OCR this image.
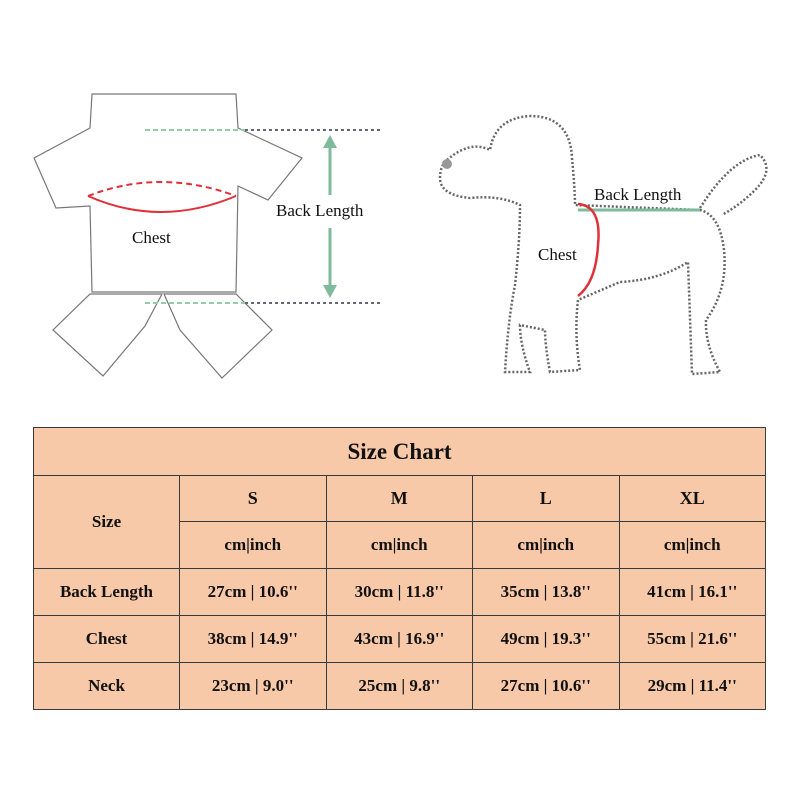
Chest
Back Length
Chest
Back Length
Size Chart				
Size	S	M	L	XL
	cm|inch	cm|inch	cm|inch	cm|inch
Back Length	27cm | 10.6''	30cm | 11.8''	35cm | 13.8''	41cm | 16.1''
Chest	38cm | 14.9''	43cm | 16.9''	49cm | 19.3''	55cm | 21.6''
Neck	23cm | 9.0''	25cm | 9.8''	27cm | 10.6''	29cm | 11.4''
